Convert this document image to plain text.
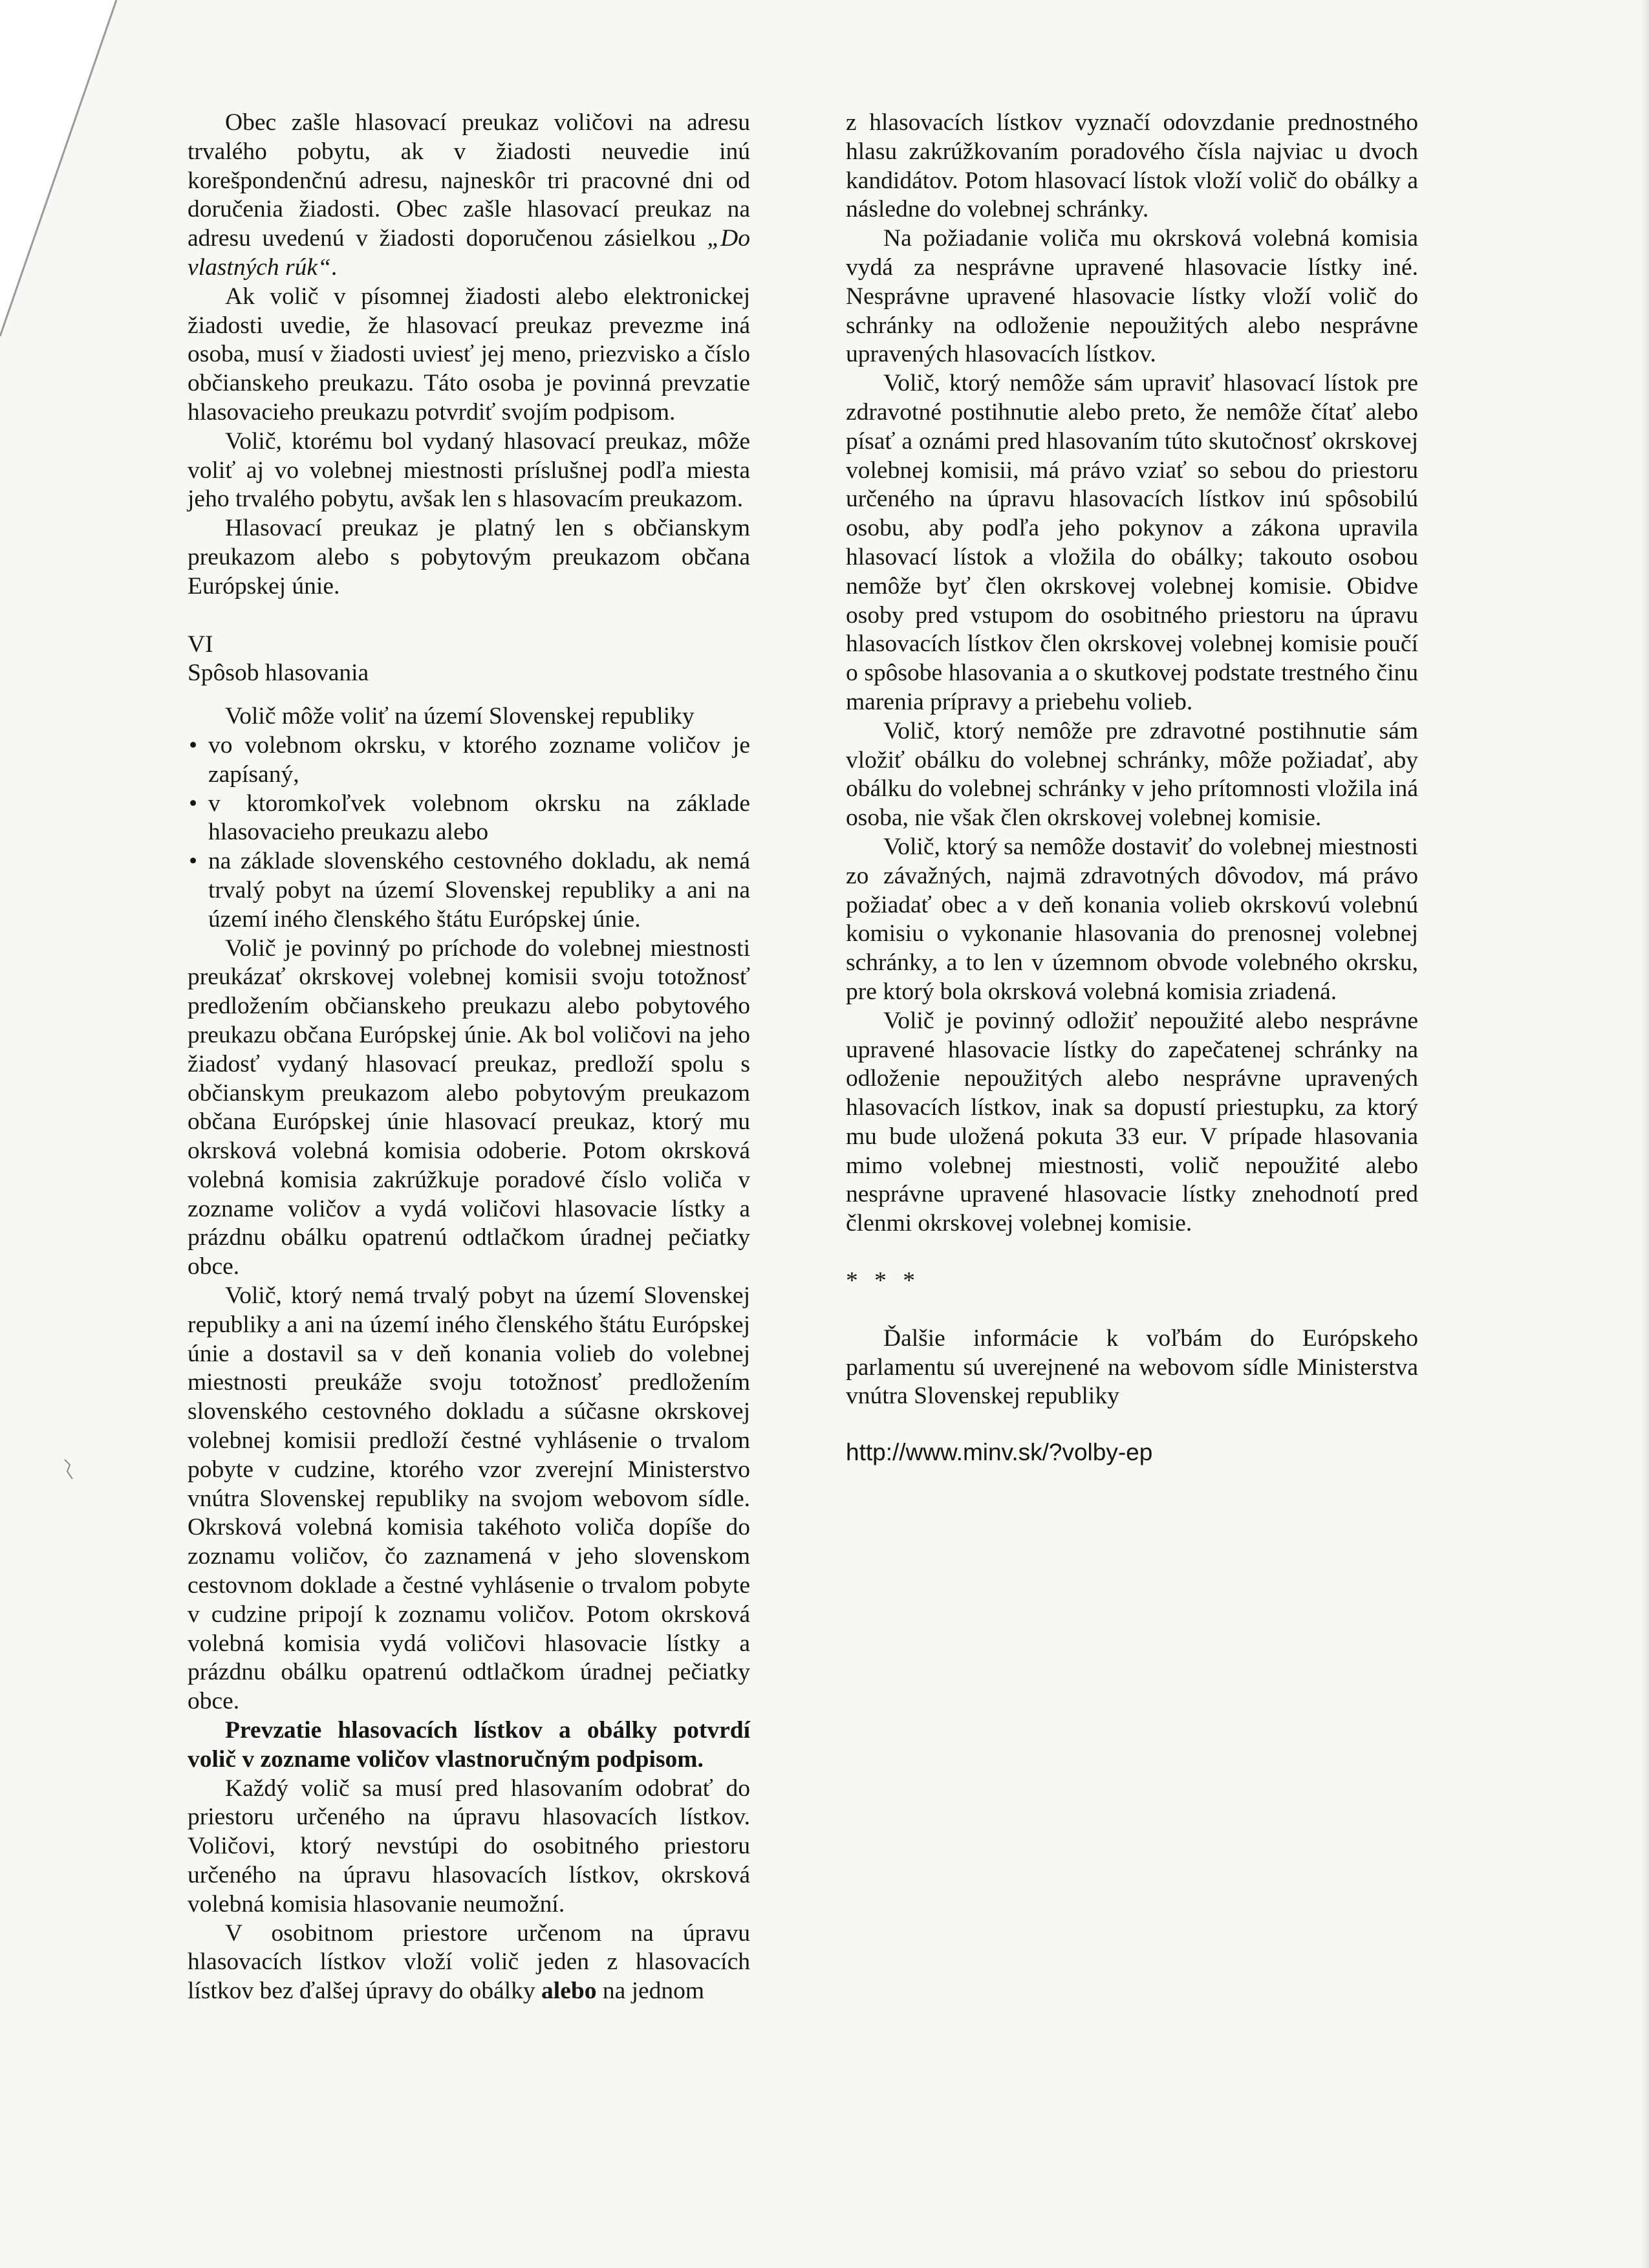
Obec zašle hlasovací preukaz voličovi na adresu trvalého pobytu, ak v žiadosti neuvedie inú korešpondenčnú adresu, najneskôr tri pracovné dni od doručenia žiadosti. Obec zašle hlasovací preukaz na adresu uvedenú v žiadosti doporučenou zásielkou „Do vlastných rúk“.

Ak volič v písomnej žiadosti alebo elektronickej žiadosti uvedie, že hlasovací preukaz prevezme iná osoba, musí v žiadosti uviesť jej meno, priezvisko a číslo občianskeho preukazu. Táto osoba je povinná prevzatie hlasovacieho preukazu potvrdiť svojím podpisom.

Volič, ktorému bol vydaný hlasovací preukaz, môže voliť aj vo volebnej miestnosti príslušnej podľa miesta jeho trvalého pobytu, avšak len s hlasovacím preukazom.

Hlasovací preukaz je platný len s občianskym preukazom alebo s pobytovým preukazom občana Európskej únie.

VI

Spôsob hlasovania

Volič môže voliť na území Slovenskej republiky

• vo volebnom okrsku, v ktorého zozname voličov je zapísaný,
• v ktoromkoľvek volebnom okrsku na základe hlasovacieho preukazu alebo
• na základe slovenského cestovného dokladu, ak nemá trvalý pobyt na území Slovenskej republiky a ani na území iného členského štátu Európskej únie.

Volič je povinný po príchode do volebnej miestnosti preukázať okrskovej volebnej komisii svoju totožnosť predložením občianskeho preukazu alebo pobytového preukazu občana Európskej únie. Ak bol voličovi na jeho žiadosť vydaný hlasovací preukaz, predloží spolu s občianskym preukazom alebo pobytovým preukazom občana Európskej únie hlasovací preukaz, ktorý mu okrsková volebná komisia odoberie. Potom okrsková volebná komisia zakrúžkuje poradové číslo voliča v zozname voličov a vydá voličovi hlasovacie lístky a prázdnu obálku opatrenú odtlačkom úradnej pečiatky obce.

Volič, ktorý nemá trvalý pobyt na území Slovenskej republiky a ani na území iného členského štátu Európskej únie a dostavil sa v deň konania volieb do volebnej miestnosti preukáže svoju totožnosť predložením slovenského cestovného dokladu a súčasne okrskovej volebnej komisii predloží čestné vyhlásenie o trvalom pobyte v cudzine, ktorého vzor zverejní Ministerstvo vnútra Slovenskej republiky na svojom webovom sídle. Okrsková volebná komisia takéhoto voliča dopíše do zoznamu voličov, čo zaznamená v jeho slovenskom cestovnom doklade a čestné vyhlásenie o trvalom pobyte v cudzine pripojí k zoznamu voličov. Potom okrsková volebná komisia vydá voličovi hlasovacie lístky a prázdnu obálku opatrenú odtlačkom úradnej pečiatky obce.

Prevzatie hlasovacích lístkov a obálky potvrdí volič v zozname voličov vlastnoručným podpisom.

Každý volič sa musí pred hlasovaním odobrať do priestoru určeného na úpravu hlasovacích lístkov. Voličovi, ktorý nevstúpi do osobitného priestoru určeného na úpravu hlasovacích lístkov, okrsková volebná komisia hlasovanie neumožní.

V osobitnom priestore určenom na úpravu hlasovacích lístkov vloží volič jeden z hlasovacích lístkov bez ďalšej úpravy do obálky alebo na jednom

z hlasovacích lístkov vyznačí odovzdanie prednostného hlasu zakrúžkovaním poradového čísla najviac u dvoch kandidátov. Potom hlasovací lístok vloží volič do obálky a následne do volebnej schránky.

Na požiadanie voliča mu okrsková volebná komisia vydá za nesprávne upravené hlasovacie lístky iné. Nesprávne upravené hlasovacie lístky vloží volič do schránky na odloženie nepoužitých alebo nesprávne upravených hlasovacích lístkov.

Volič, ktorý nemôže sám upraviť hlasovací lístok pre zdravotné postihnutie alebo preto, že nemôže čítať alebo písať a oznámi pred hlasovaním túto skutočnosť okrskovej volebnej komisii, má právo vziať so sebou do priestoru určeného na úpravu hlasovacích lístkov inú spôsobilú osobu, aby podľa jeho pokynov a zákona upravila hlasovací lístok a vložila do obálky; takouto osobou nemôže byť člen okrskovej volebnej komisie. Obidve osoby pred vstupom do osobitného priestoru na úpravu hlasovacích lístkov člen okrskovej volebnej komisie poučí o spôsobe hlasovania a o skutkovej podstate trestného činu marenia prípravy a priebehu volieb.

Volič, ktorý nemôže pre zdravotné postihnutie sám vložiť obálku do volebnej schránky, môže požiadať, aby obálku do volebnej schránky v jeho prítomnosti vložila iná osoba, nie však člen okrskovej volebnej komisie.

Volič, ktorý sa nemôže dostaviť do volebnej miestnosti zo závažných, najmä zdravotných dôvodov, má právo požiadať obec a v deň konania volieb okrskovú volebnú komisiu o vykonanie hlasovania do prenosnej volebnej schránky, a to len v územnom obvode volebného okrsku, pre ktorý bola okrsková volebná komisia zriadená.

Volič je povinný odložiť nepoužité alebo nesprávne upravené hlasovacie lístky do zapečatenej schránky na odloženie nepoužitých alebo nesprávne upravených hlasovacích lístkov, inak sa dopustí priestupku, za ktorý mu bude uložená pokuta 33 eur. V prípade hlasovania mimo volebnej miestnosti, volič nepoužité alebo nesprávne upravené hlasovacie lístky znehodnotí pred členmi okrskovej volebnej komisie.

* * *

Ďalšie informácie k voľbám do Európskeho parlamentu sú uverejnené na webovom sídle Ministerstva vnútra Slovenskej republiky

http://www.minv.sk/?volby-ep
